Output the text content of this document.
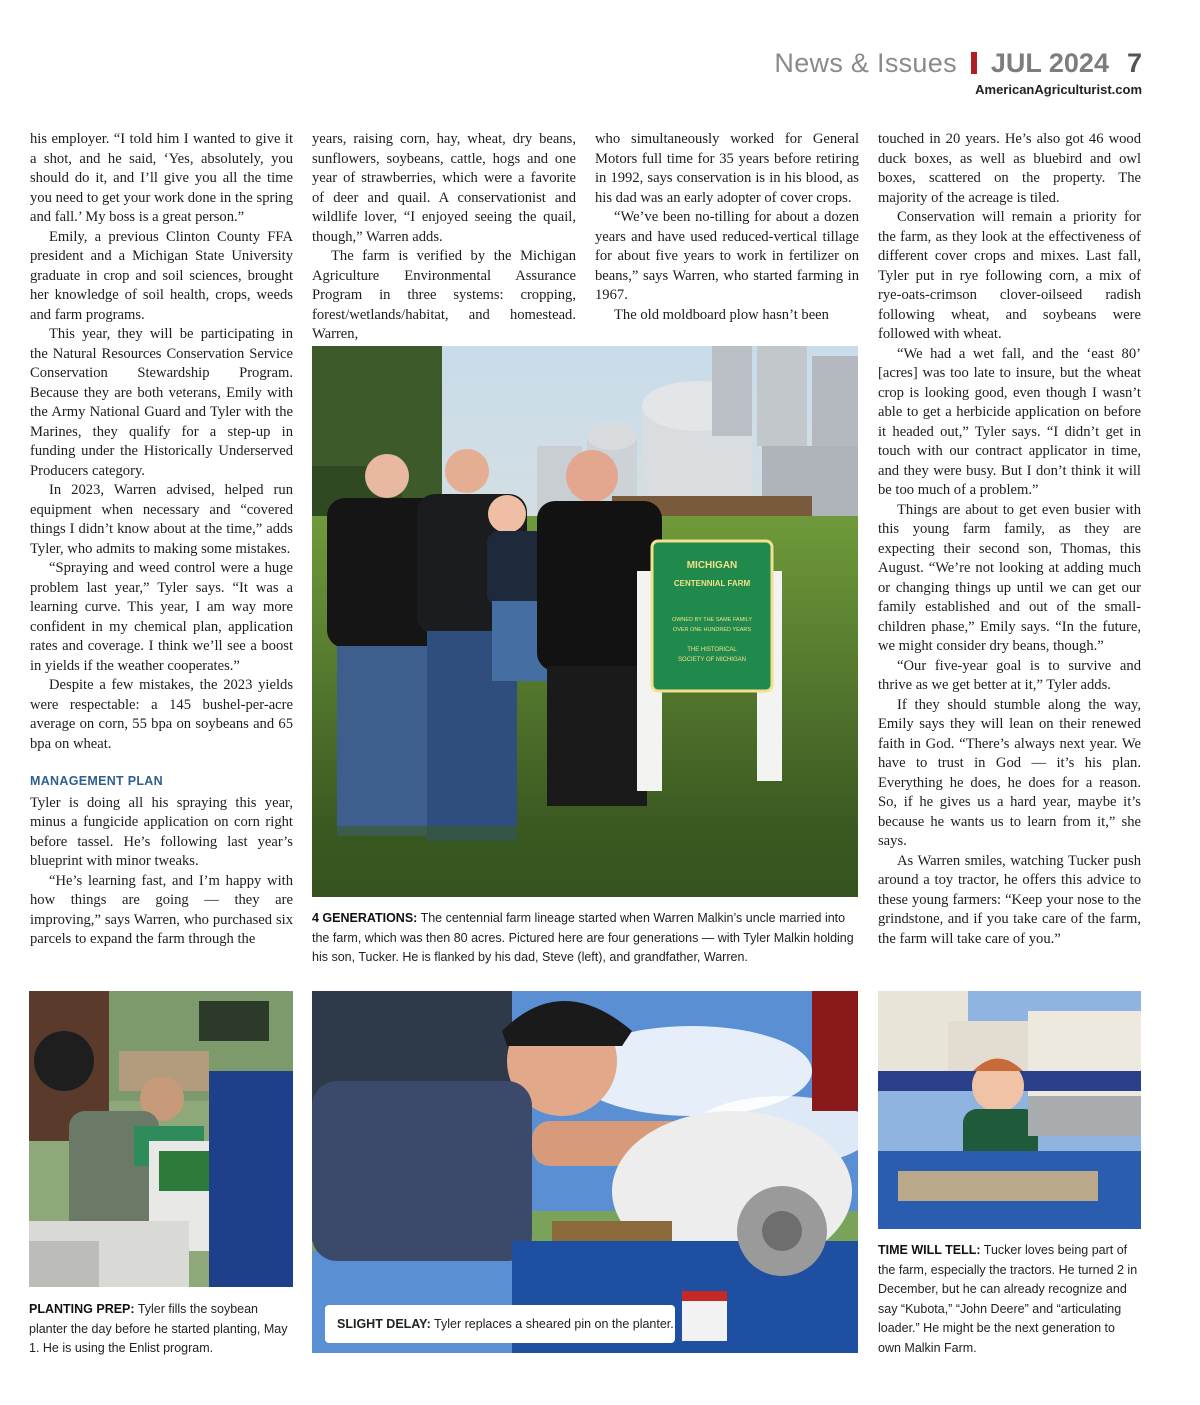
News & Issues JUL 2024 7
AmericanAgriculturist.com

his employer. “I told him I wanted to give it a shot, and he said, ‘Yes, absolutely, you should do it, and I’ll give you all the time you need to get your work done in the spring and fall.’ My boss is a great person.”

Emily, a previous Clinton County FFA president and a Michigan State University graduate in crop and soil sciences, brought her knowledge of soil health, crops, weeds and farm programs.

This year, they will be participating in the Natural Resources Conservation Service Conservation Stewardship Program. Because they are both veterans, Emily with the Army National Guard and Tyler with the Marines, they qualify for a step-up in funding under the Historically Underserved Producers category.

In 2023, Warren advised, helped run equipment when necessary and “covered things I didn’t know about at the time,” adds Tyler, who admits to making some mistakes.

“Spraying and weed control were a huge problem last year,” Tyler says. “It was a learning curve. This year, I am way more confident in my chemical plan, application rates and coverage. I think we’ll see a boost in yields if the weather cooperates.”

Despite a few mistakes, the 2023 yields were respectable: a 145 bushel-per-acre average on corn, 55 bpa on soybeans and 65 bpa on wheat.

MANAGEMENT PLAN

Tyler is doing all his spraying this year, minus a fungicide application on corn right before tassel. He’s following last year’s blueprint with minor tweaks.

“He’s learning fast, and I’m happy with how things are going — they are improving,” says Warren, who purchased six parcels to expand the farm through the

years, raising corn, hay, wheat, dry beans, sunflowers, soybeans, cattle, hogs and one year of strawberries, which were a favorite of deer and quail. A conservationist and wildlife lover, “I enjoyed seeing the quail, though,” Warren adds.

The farm is verified by the Michigan Agriculture Environmental Assurance Program in three systems: cropping, forest/wetlands/habitat, and homestead. Warren,

who simultaneously worked for General Motors full time for 35 years before retiring in 1992, says conservation is in his blood, as his dad was an early adopter of cover crops.

“We’ve been no-tilling for about a dozen years and have used reduced-vertical tillage for about five years to work in fertilizer on beans,” says Warren, who started farming in 1967.

The old moldboard plow hasn’t been

touched in 20 years. He’s also got 46 wood duck boxes, as well as bluebird and owl boxes, scattered on the property. The majority of the acreage is tiled.

Conservation will remain a priority for the farm, as they look at the effectiveness of different cover crops and mixes. Last fall, Tyler put in rye following corn, a mix of rye-oats-crimson clover-oilseed radish following wheat, and soybeans were followed with wheat.

“We had a wet fall, and the ‘east 80’ [acres] was too late to insure, but the wheat crop is looking good, even though I wasn’t able to get a herbicide application on before it headed out,” Tyler says. “I didn’t get in touch with our contract applicator in time, and they were busy. But I don’t think it will be too much of a problem.”

Things are about to get even busier with this young farm family, as they are expecting their second son, Thomas, this August. “We’re not looking at adding much or changing things up until we can get our family established and out of the small-children phase,” Emily says. “In the future, we might consider dry beans, though.”

“Our five-year goal is to survive and thrive as we get better at it,” Tyler adds.

If they should stumble along the way, Emily says they will lean on their renewed faith in God. “There’s always next year. We have to trust in God — it’s his plan. Everything he does, he does for a reason. So, if he gives us a hard year, maybe it’s because he wants us to learn from it,” she says.

As Warren smiles, watching Tucker push around a toy tractor, he offers this advice to these young farmers: “Keep your nose to the grindstone, and if you take care of the farm, the farm will take care of you.”

MICHIGAN
CENTENNIAL FARM
OWNED BY THE SAME FAMILY
OVER ONE HUNDRED YEARS
THE HISTORICAL
SOCIETY OF MICHIGAN
4 GENERATIONS: The centennial farm lineage started when Warren Malkin’s uncle married into the farm, which was then 80 acres. Pictured here are four generations — with Tyler Malkin holding his son, Tucker. He is flanked by his dad, Steve (left), and grandfather, Warren.
PLANTING PREP: Tyler fills the soybean planter the day before he started planting, May 1. He is using the Enlist program.
SLIGHT DELAY: Tyler replaces a sheared pin on the planter.
TIME WILL TELL: Tucker loves being part of the farm, especially the tractors. He turned 2 in December, but he can already recognize and say “Kubota,” “John Deere” and “articulating loader.” He might be the next generation to own Malkin Farm.
